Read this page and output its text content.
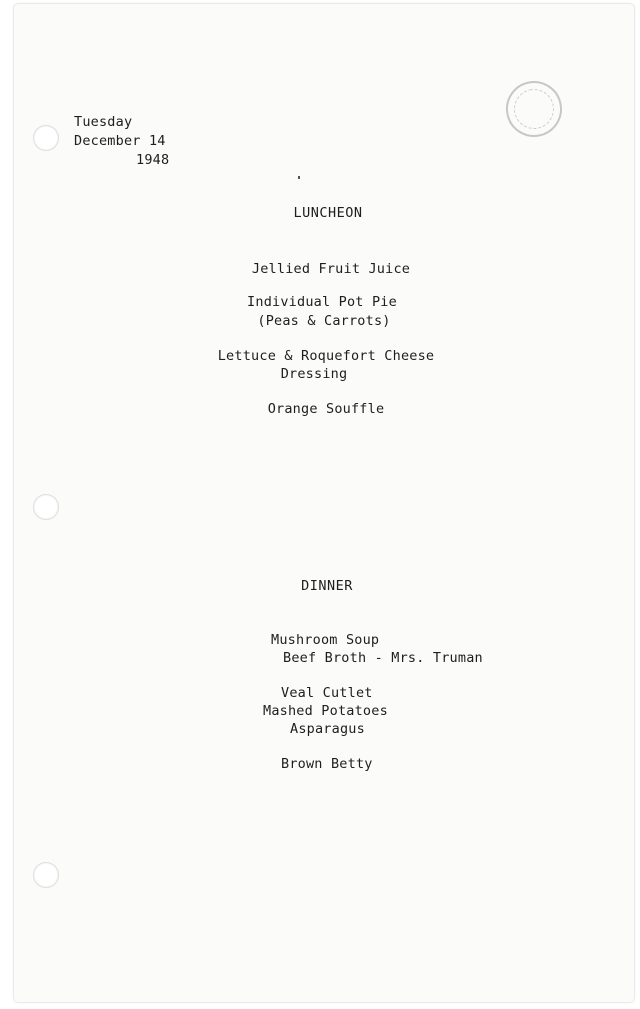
Tuesday
December 14
1948
LUNCHEON
Jellied Fruit Juice
Individual Pot Pie
(Peas & Carrots)
Lettuce & Roquefort Cheese
Dressing
Orange Souffle
DINNER
Mushroom Soup
Beef Broth - Mrs. Truman
Veal Cutlet
Mashed Potatoes
Asparagus
Brown Betty
